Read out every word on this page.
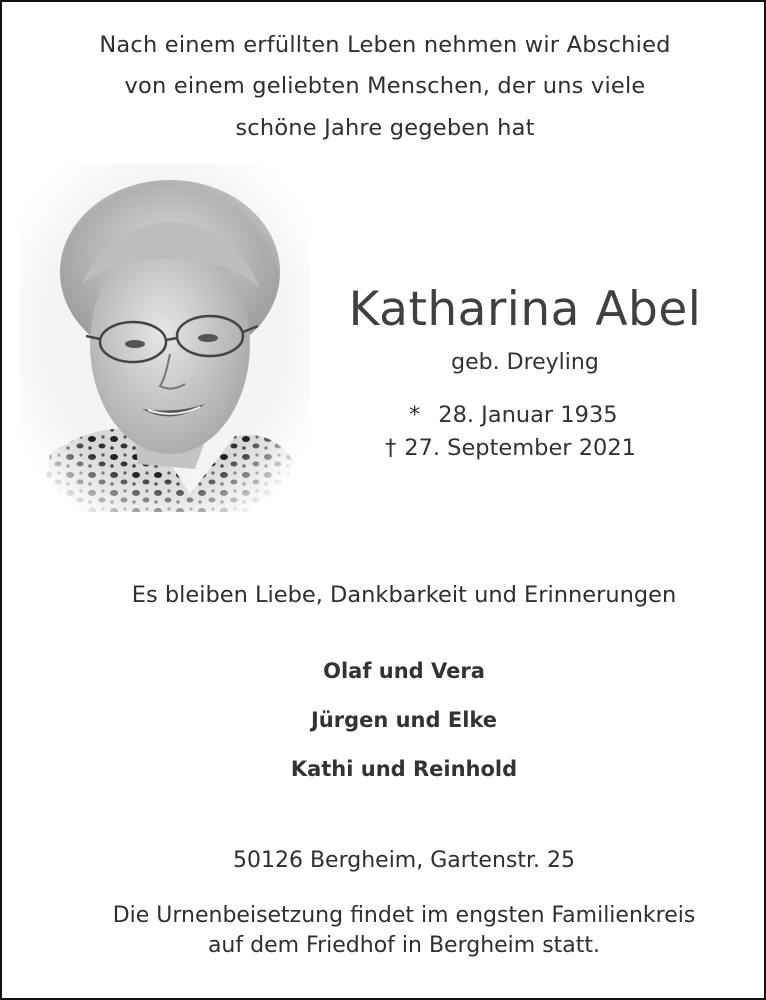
Nach einem erfüllten Leben nehmen wir Abschied
von einem geliebten Menschen, der uns viele
schöne Jahre gegeben hat
Katharina Abel
geb. Dreyling
* 28. Januar 1935
† 27. September 2021
Es bleiben Liebe, Dankbarkeit und Erinnerungen
Olaf und Vera
Jürgen und Elke
Kathi und Reinhold
50126 Bergheim, Gartenstr. 25
Die Urnenbeisetzung findet im engsten Familienkreis
auf dem Friedhof in Bergheim statt.
